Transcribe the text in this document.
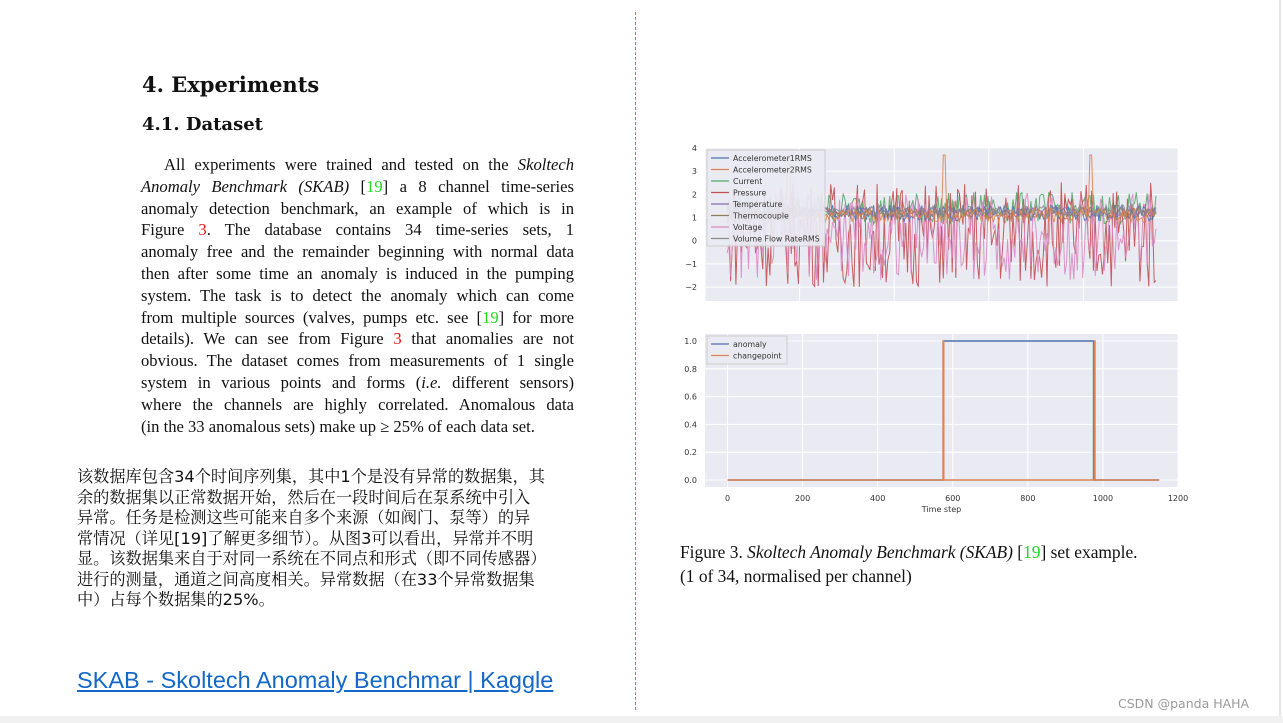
4. Experiments
4.1. Dataset
All experiments were trained and tested on the Skoltech
Anomaly Benchmark (SKAB) [19] a 8 channel time-series
anomaly detection benchmark, an example of which is in
Figure 3. The database contains 34 time-series sets, 1
anomaly free and the remainder beginning with normal data
then after some time an anomaly is induced in the pumping
system. The task is to detect the anomaly which can come
from multiple sources (valves, pumps etc. see [19] for more
details). We can see from Figure 3 that anomalies are not
obvious. The dataset comes from measurements of 1 single
system in various points and forms (i.e. different sensors)
where the channels are highly correlated. Anomalous data
(in the 33 anomalous sets) make up ≥ 25% of each data set.
该数据库包含34个时间序列集，其中1个是没有异常的数据集，其
余的数据集以正常数据开始，然后在一段时间后在泵系统中引入
异常。任务是检测这些可能来自多个来源（如阀门、泵等）的异
常情况（详见[19]了解更多细节）。从图3可以看出，异常并不明
显。该数据集来自于对同一系统在不同点和形式（即不同传感器）
进行的测量，通道之间高度相关。异常数据（在33个异常数据集
中）占每个数据集的25%。
SKAB - Skoltech Anomaly Benchmar | Kaggle
−2
−1
0
1
2
3
4
Accelerometer1RMS
Accelerometer2RMS
Current
Pressure
Temperature
Thermocouple
Voltage
Volume Flow RateRMS
0.0
0.2
0.4
0.6
0.8
1.0
0	200	400	600	800	1000	1200
Time step
anomaly
changepoint
Figure 3. Skoltech Anomaly Benchmark (SKAB) [19] set example.
(1 of 34, normalised per channel)
CSDN @panda HAHA
